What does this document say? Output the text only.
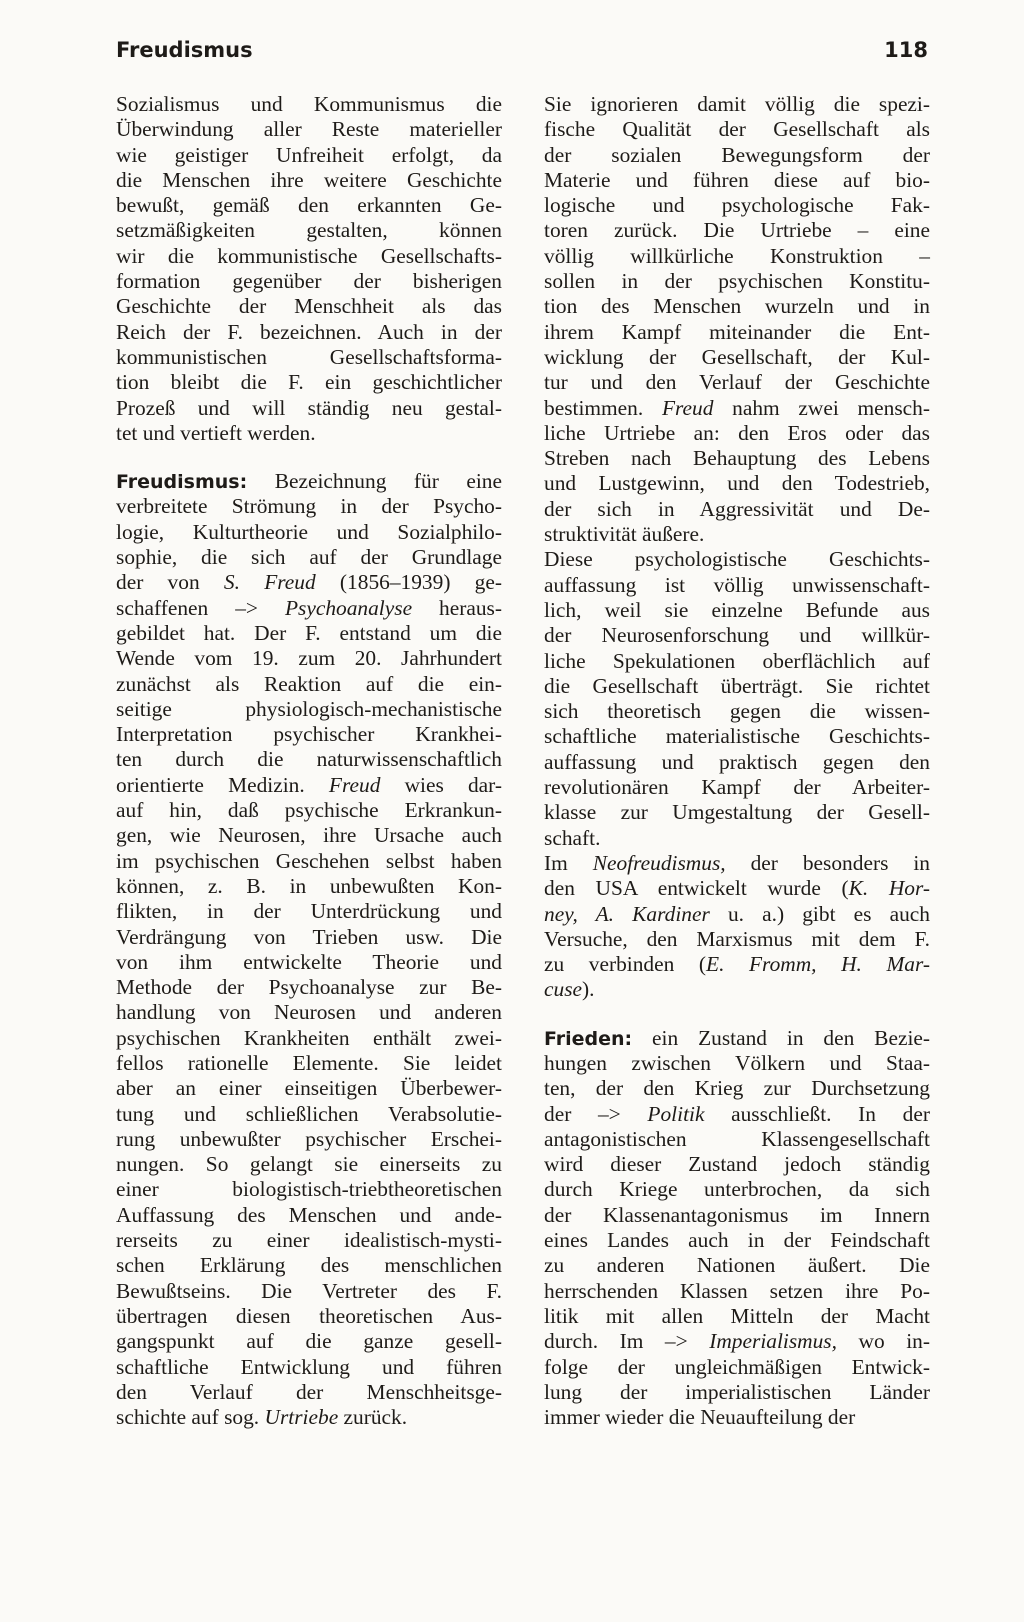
Freudismus	118
Sozialismus und Kommunismus die
Überwindung aller Reste materieller
wie geistiger Unfreiheit erfolgt, da
die Menschen ihre weitere Geschichte
bewußt, gemäß den erkannten Ge-
setzmäßigkeiten gestalten, können
wir die kommunistische Gesellschafts-
formation gegenüber der bisherigen
Geschichte der Menschheit als das
Reich der F. bezeichnen. Auch in der
kommunistischen Gesellschaftsforma-
tion bleibt die F. ein geschichtlicher
Prozeß und will ständig neu gestal-
tet und vertieft werden.
Freudismus: Bezeichnung für eine
verbreitete Strömung in der Psycho-
logie, Kulturtheorie und Sozialphilo-
sophie, die sich auf der Grundlage
der von S. Freud (1856–1939) ge-
schaffenen –> Psychoanalyse heraus-
gebildet hat. Der F. entstand um die
Wende vom 19. zum 20. Jahrhundert
zunächst als Reaktion auf die ein-
seitige physiologisch-mechanistische
Interpretation psychischer Krankhei-
ten durch die naturwissenschaftlich
orientierte Medizin. Freud wies dar-
auf hin, daß psychische Erkrankun-
gen, wie Neurosen, ihre Ursache auch
im psychischen Geschehen selbst haben
können, z. B. in unbewußten Kon-
flikten, in der Unterdrückung und
Verdrängung von Trieben usw. Die
von ihm entwickelte Theorie und
Methode der Psychoanalyse zur Be-
handlung von Neurosen und anderen
psychischen Krankheiten enthält zwei-
fellos rationelle Elemente. Sie leidet
aber an einer einseitigen Überbewer-
tung und schließlichen Verabsolutie-
rung unbewußter psychischer Erschei-
nungen. So gelangt sie einerseits zu
einer biologistisch-triebtheoretischen
Auffassung des Menschen und ande-
rerseits zu einer idealistisch-mysti-
schen Erklärung des menschlichen
Bewußtseins. Die Vertreter des F.
übertragen diesen theoretischen Aus-
gangspunkt auf die ganze gesell-
schaftliche Entwicklung und führen
den Verlauf der Menschheitsge-
schichte auf sog. Urtriebe zurück.
Sie ignorieren damit völlig die spezi-
fische Qualität der Gesellschaft als
der sozialen Bewegungsform der
Materie und führen diese auf bio-
logische und psychologische Fak-
toren zurück. Die Urtriebe – eine
völlig willkürliche Konstruktion –
sollen in der psychischen Konstitu-
tion des Menschen wurzeln und in
ihrem Kampf miteinander die Ent-
wicklung der Gesellschaft, der Kul-
tur und den Verlauf der Geschichte
bestimmen. Freud nahm zwei mensch-
liche Urtriebe an: den Eros oder das
Streben nach Behauptung des Lebens
und Lustgewinn, und den Todestrieb,
der sich in Aggressivität und De-
struktivität äußere.
Diese psychologistische Geschichts-
auffassung ist völlig unwissenschaft-
lich, weil sie einzelne Befunde aus
der Neurosenforschung und willkür-
liche Spekulationen oberflächlich auf
die Gesellschaft überträgt. Sie richtet
sich theoretisch gegen die wissen-
schaftliche materialistische Geschichts-
auffassung und praktisch gegen den
revolutionären Kampf der Arbeiter-
klasse zur Umgestaltung der Gesell-
schaft.
Im Neofreudismus, der besonders in
den USA entwickelt wurde (K. Hor-
ney, A. Kardiner u. a.) gibt es auch
Versuche, den Marxismus mit dem F.
zu verbinden (E. Fromm, H. Mar-
cuse).
Frieden: ein Zustand in den Bezie-
hungen zwischen Völkern und Staa-
ten, der den Krieg zur Durchsetzung
der –> Politik ausschließt. In der
antagonistischen Klassengesellschaft
wird dieser Zustand jedoch ständig
durch Kriege unterbrochen, da sich
der Klassenantagonismus im Innern
eines Landes auch in der Feindschaft
zu anderen Nationen äußert. Die
herrschenden Klassen setzen ihre Po-
litik mit allen Mitteln der Macht
durch. Im –> Imperialismus, wo in-
folge der ungleichmäßigen Entwick-
lung der imperialistischen Länder
immer wieder die Neuaufteilung der
